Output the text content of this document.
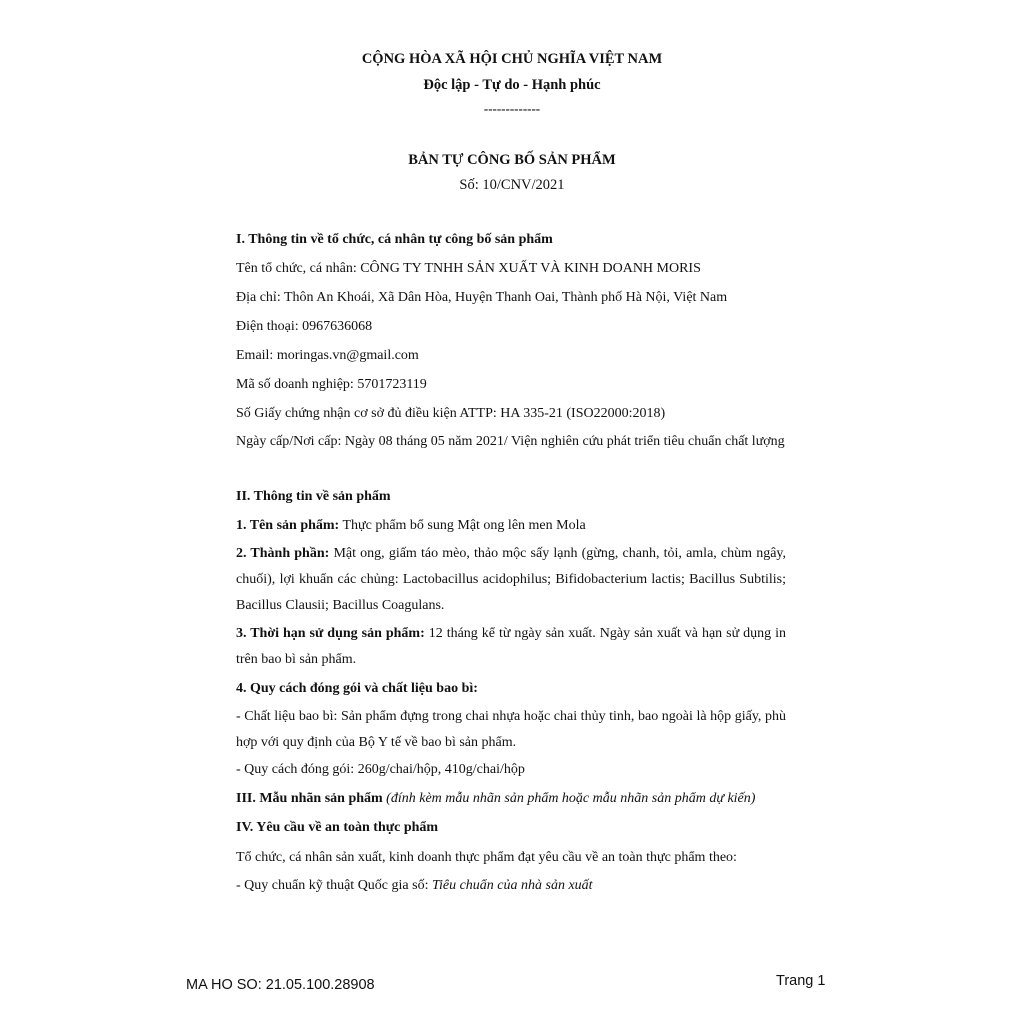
CỘNG HÒA XÃ HỘI CHỦ NGHĨA VIỆT NAM
Độc lập - Tự do - Hạnh phúc
-------------
BẢN TỰ CÔNG BỐ SẢN PHẨM
Số: 10/CNV/2021
I. Thông tin về tổ chức, cá nhân tự công bố sản phẩm
Tên tổ chức, cá nhân: CÔNG TY TNHH SẢN XUẤT VÀ KINH DOANH MORIS
Địa chỉ: Thôn An Khoái, Xã Dân Hòa, Huyện Thanh Oai, Thành phố Hà Nội, Việt Nam
Điện thoại: 0967636068
Email: moringas.vn@gmail.com
Mã số doanh nghiệp: 5701723119
Số Giấy chứng nhận cơ sở đủ điều kiện ATTP: HA 335-21 (ISO22000:2018)
Ngày cấp/Nơi cấp: Ngày 08 tháng 05 năm 2021/ Viện nghiên cứu phát triển tiêu chuẩn chất lượng
II. Thông tin về sản phẩm
1. Tên sản phẩm: Thực phẩm bổ sung Mật ong lên men Mola
2. Thành phần: Mật ong, giấm táo mèo, thảo mộc sấy lạnh (gừng, chanh, tỏi, amla, chùm ngây, chuối), lợi khuẩn các chủng: Lactobacillus acidophilus; Bifidobacterium lactis; Bacillus Subtilis; Bacillus Clausii; Bacillus Coagulans.
3. Thời hạn sử dụng sản phẩm: 12 tháng kể từ ngày sản xuất. Ngày sản xuất và hạn sử dụng in trên bao bì sản phẩm.
4. Quy cách đóng gói và chất liệu bao bì:
- Chất liệu bao bì: Sản phẩm đựng trong chai nhựa hoặc chai thủy tinh, bao ngoài là hộp giấy, phù hợp với quy định của Bộ Y tế về bao bì sản phẩm.
- Quy cách đóng gói: 260g/chai/hộp, 410g/chai/hộp
III. Mẫu nhãn sản phẩm (đính kèm mẫu nhãn sản phẩm hoặc mẫu nhãn sản phẩm dự kiến)
IV. Yêu cầu về an toàn thực phẩm
Tổ chức, cá nhân sản xuất, kinh doanh thực phẩm đạt yêu cầu về an toàn thực phẩm theo:
- Quy chuẩn kỹ thuật Quốc gia số: Tiêu chuẩn của nhà sản xuất
MA HO SO: 21.05.100.28908	Trang 1
